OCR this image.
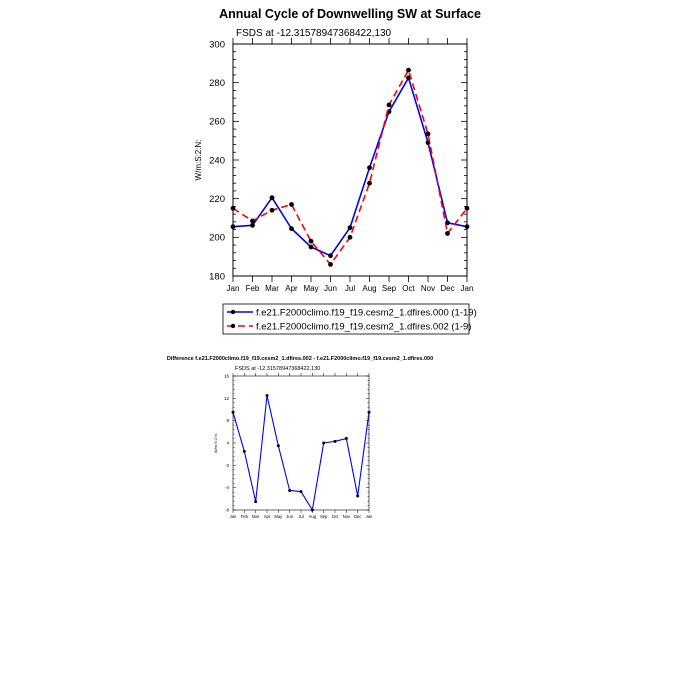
Annual Cycle of Downwelling SW at Surface
FSDS at -12.31578947368422,130
W/m:S:2:N:
Difference f.e21.F2000climo.f19_f19.cesm2_1.dfires.002 - f.e21.F2000climo.f19_f19.cesm2_1.dfires.000
FSDS at -12.31578947368422,130
W/m:S:2:N:
180
200
220
240
260
280
300
Jan Feb Mar Apr May Jun Jul Aug Sep Oct Nov Dec Jan
-8
-4
0
4
8
12
16
Jan Feb Mar Apr May Jun Jul Aug Sep Oct Nov Dec Jan
f.e21.F2000climo.f19_f19.cesm2_1.dfires.000 (1-19)
f.e21.F2000climo.f19_f19.cesm2_1.dfires.002 (1-9)
